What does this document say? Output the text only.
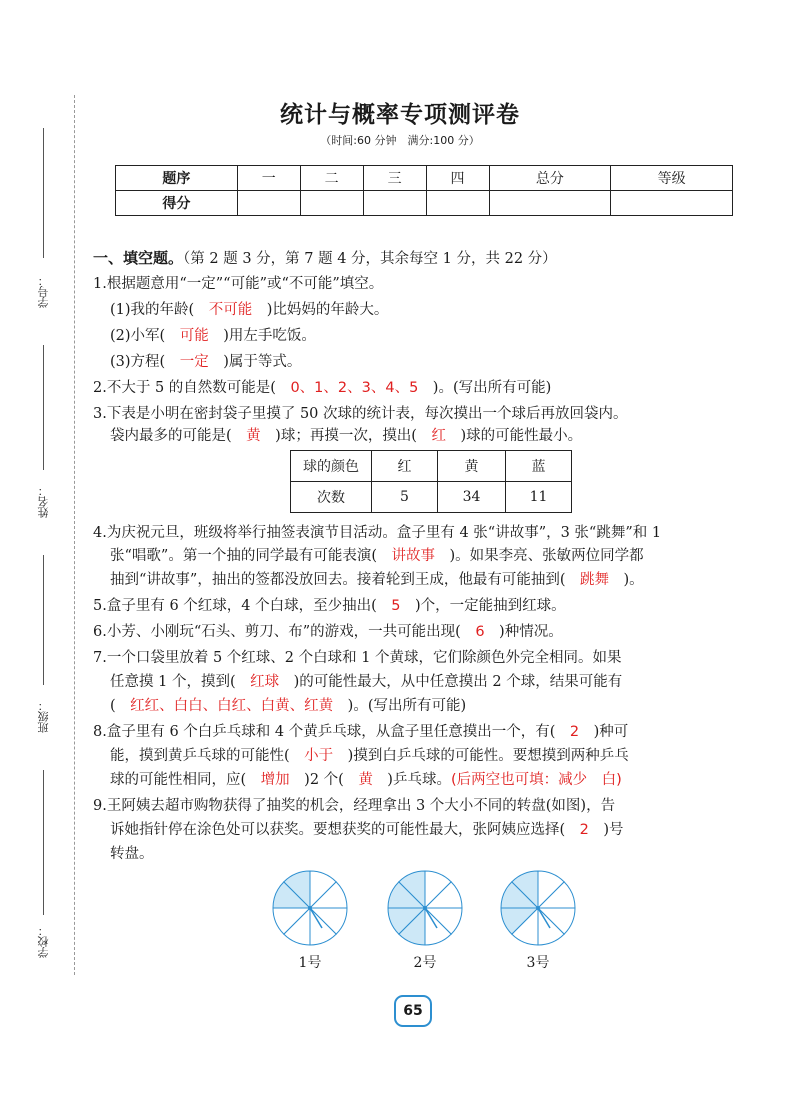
学号：
姓名：
班级：
学校：
统计与概率专项测评卷
（时间:60 分钟　满分:100 分）
题序	一	二	三	四	总分	等级
得分						
一、填空题。（第 2 题 3 分，第 7 题 4 分，其余每空 1 分，共 22 分）
1.根据题意用“一定”“可能”或“不可能”填空。
(1)我的年龄(　不可能　)比妈妈的年龄大。
(2)小军(　可能　)用左手吃饭。
(3)方程(　一定　)属于等式。
2.不大于 5 的自然数可能是(　0、1、2、3、4、5　)。(写出所有可能)
3.下表是小明在密封袋子里摸了 50 次球的统计表，每次摸出一个球后再放回袋内。
袋内最多的可能是(　黄　)球；再摸一次，摸出(　红　)球的可能性最小。
球的颜色	红	黄	蓝
次数	5	34	11
4.为庆祝元旦，班级将举行抽签表演节目活动。盒子里有 4 张“讲故事”，3 张“跳舞”和 1
张“唱歌”。第一个抽的同学最有可能表演(　讲故事　)。如果李亮、张敏两位同学都
抽到“讲故事”，抽出的签都没放回去。接着轮到王成，他最有可能抽到(　跳舞　)。
5.盒子里有 6 个红球，4 个白球，至少抽出(　5　)个，一定能抽到红球。
6.小芳、小刚玩“石头、剪刀、布”的游戏，一共可能出现(　6　)种情况。
7.一个口袋里放着 5 个红球、2 个白球和 1 个黄球，它们除颜色外完全相同。如果
任意摸 1 个，摸到(　红球　)的可能性最大，从中任意摸出 2 个球，结果可能有
(　红红、白白、白红、白黄、红黄　)。(写出所有可能)
8.盒子里有 6 个白乒乓球和 4 个黄乒乓球，从盒子里任意摸出一个，有(　2　)种可
能，摸到黄乒乓球的可能性(　小于　)摸到白乒乓球的可能性。要想摸到两种乒乓
球的可能性相同，应(　增加　)2 个(　黄　)乒乓球。(后两空也可填：减少　白)
9.王阿姨去超市购物获得了抽奖的机会，经理拿出 3 个大小不同的转盘(如图)，告
诉她指针停在涂色处可以获奖。要想获奖的可能性最大，张阿姨应选择(　2　)号
转盘。
1号	2号	3号
65
